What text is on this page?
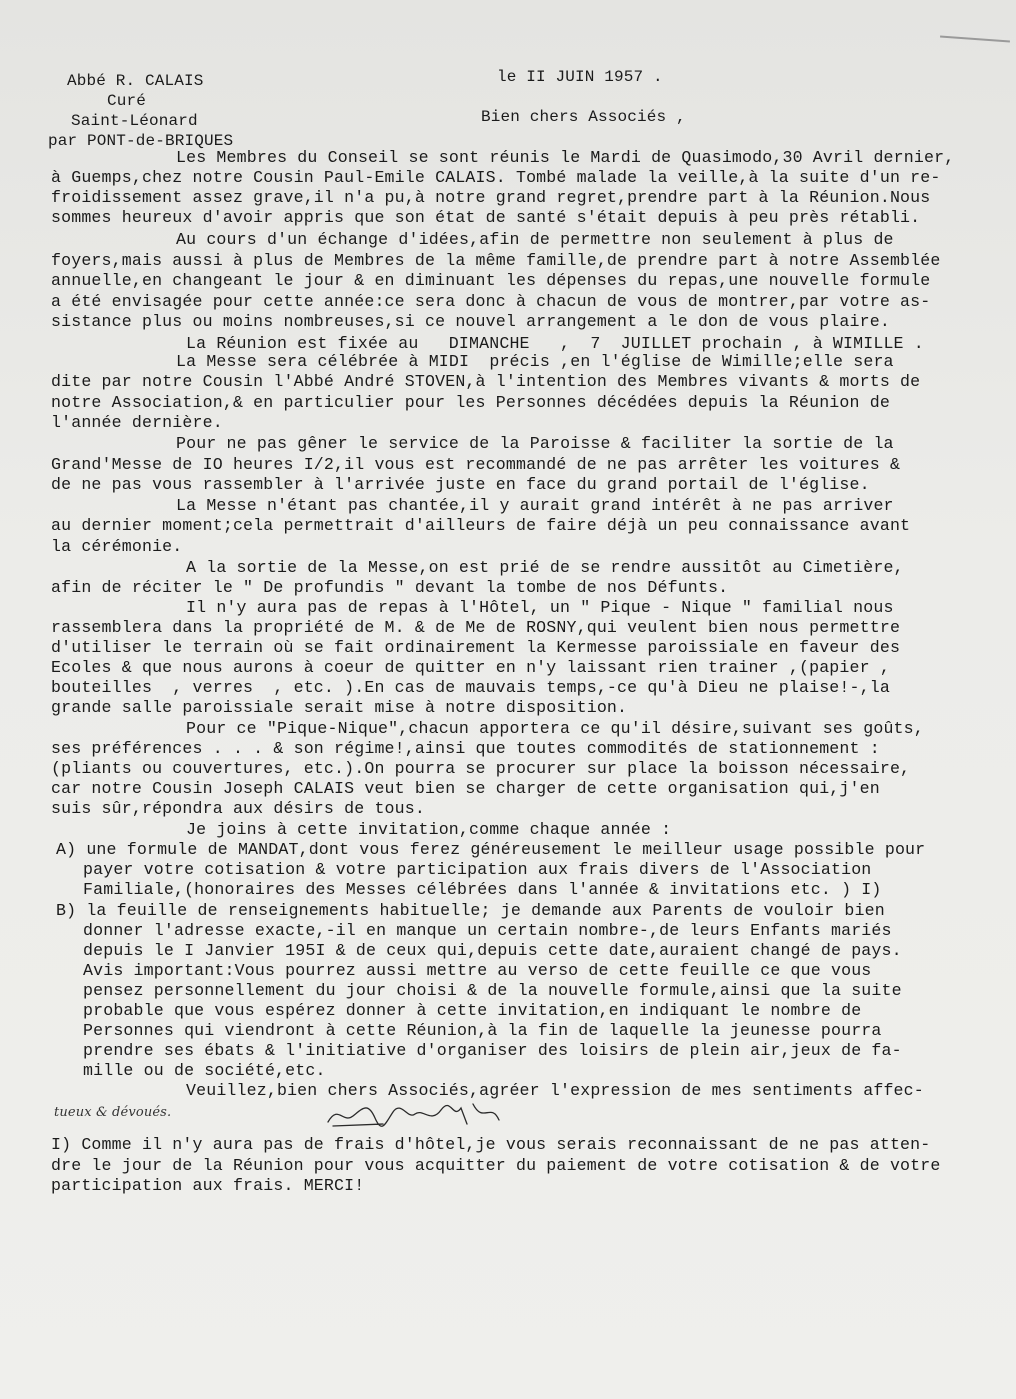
Abbé R. CALAIS
Curé
Saint-Léonard
par PONT-de-BRIQUES
le II JUIN 1957 .
Bien chers Associés ,
Les Membres du Conseil se sont réunis le Mardi de Quasimodo,30 Avril dernier,
à Guemps,chez notre Cousin Paul-Emile CALAIS. Tombé malade la veille,à la suite d'un re-
froidissement assez grave,il n'a pu,à notre grand regret,prendre part à la Réunion.Nous
sommes heureux d'avoir appris que son état de santé s'était depuis à peu près rétabli.
Au cours d'un échange d'idées,afin de permettre non seulement à plus de
foyers,mais aussi à plus de Membres de la même famille,de prendre part à notre Assemblée
annuelle,en changeant le jour & en diminuant les dépenses du repas,une nouvelle formule
a été envisagée pour cette année:ce sera donc à chacun de vous de montrer,par votre as-
sistance plus ou moins nombreuses,si ce nouvel arrangement a le don de vous plaire.
La Réunion est fixée au   DIMANCHE   ,  7  JUILLET prochain , à WIMILLE .
La Messe sera célébrée à MIDI  précis ,en l'église de Wimille;elle sera
dite par notre Cousin l'Abbé André STOVEN,à l'intention des Membres vivants & morts de
notre Association,& en particulier pour les Personnes décédées depuis la Réunion de
l'année dernière.
Pour ne pas gêner le service de la Paroisse & faciliter la sortie de la
Grand'Messe de IO heures I/2,il vous est recommandé de ne pas arrêter les voitures &
de ne pas vous rassembler à l'arrivée juste en face du grand portail de l'église.
La Messe n'étant pas chantée,il y aurait grand intérêt à ne pas arriver
au dernier moment;cela permettrait d'ailleurs de faire déjà un peu connaissance avant
la cérémonie.
A la sortie de la Messe,on est prié de se rendre aussitôt au Cimetière,
afin de réciter le " De profundis " devant la tombe de nos Défunts.
Il n'y aura pas de repas à l'Hôtel, un " Pique - Nique " familial nous
rassemblera dans la propriété de M. & de Me de ROSNY,qui veulent bien nous permettre
d'utiliser le terrain où se fait ordinairement la Kermesse paroissiale en faveur des
Ecoles & que nous aurons à coeur de quitter en n'y laissant rien trainer ,(papier ,
bouteilles  , verres  , etc. ).En cas de mauvais temps,-ce qu'à Dieu ne plaise!-,la
grande salle paroissiale serait mise à notre disposition.
Pour ce "Pique-Nique",chacun apportera ce qu'il désire,suivant ses goûts,
ses préférences . . . & son régime!,ainsi que toutes commodités de stationnement :
(pliants ou couvertures, etc.).On pourra se procurer sur place la boisson nécessaire,
car notre Cousin Joseph CALAIS veut bien se charger de cette organisation qui,j'en
suis sûr,répondra aux désirs de tous.
Je joins à cette invitation,comme chaque année :
A) une formule de MANDAT,dont vous ferez généreusement le meilleur usage possible pour
payer votre cotisation & votre participation aux frais divers de l'Association
Familiale,(honoraires des Messes célébrées dans l'année & invitations etc. ) I)
B) la feuille de renseignements habituelle; je demande aux Parents de vouloir bien
donner l'adresse exacte,-il en manque un certain nombre-,de leurs Enfants mariés
depuis le I Janvier 195I & de ceux qui,depuis cette date,auraient changé de pays.
Avis important:Vous pourrez aussi mettre au verso de cette feuille ce que vous
pensez personnellement du jour choisi & de la nouvelle formule,ainsi que la suite
probable que vous espérez donner à cette invitation,en indiquant le nombre de
Personnes qui viendront à cette Réunion,à la fin de laquelle la jeunesse pourra
prendre ses ébats & l'initiative d'organiser des loisirs de plein air,jeux de fa-
mille ou de société,etc.
Veuillez,bien chers Associés,agréer l'expression de mes sentiments affec-
tueux & dévoués.
I) Comme il n'y aura pas de frais d'hôtel,je vous serais reconnaissant de ne pas atten-
dre le jour de la Réunion pour vous acquitter du paiement de votre cotisation & de votre
participation aux frais. MERCI!
